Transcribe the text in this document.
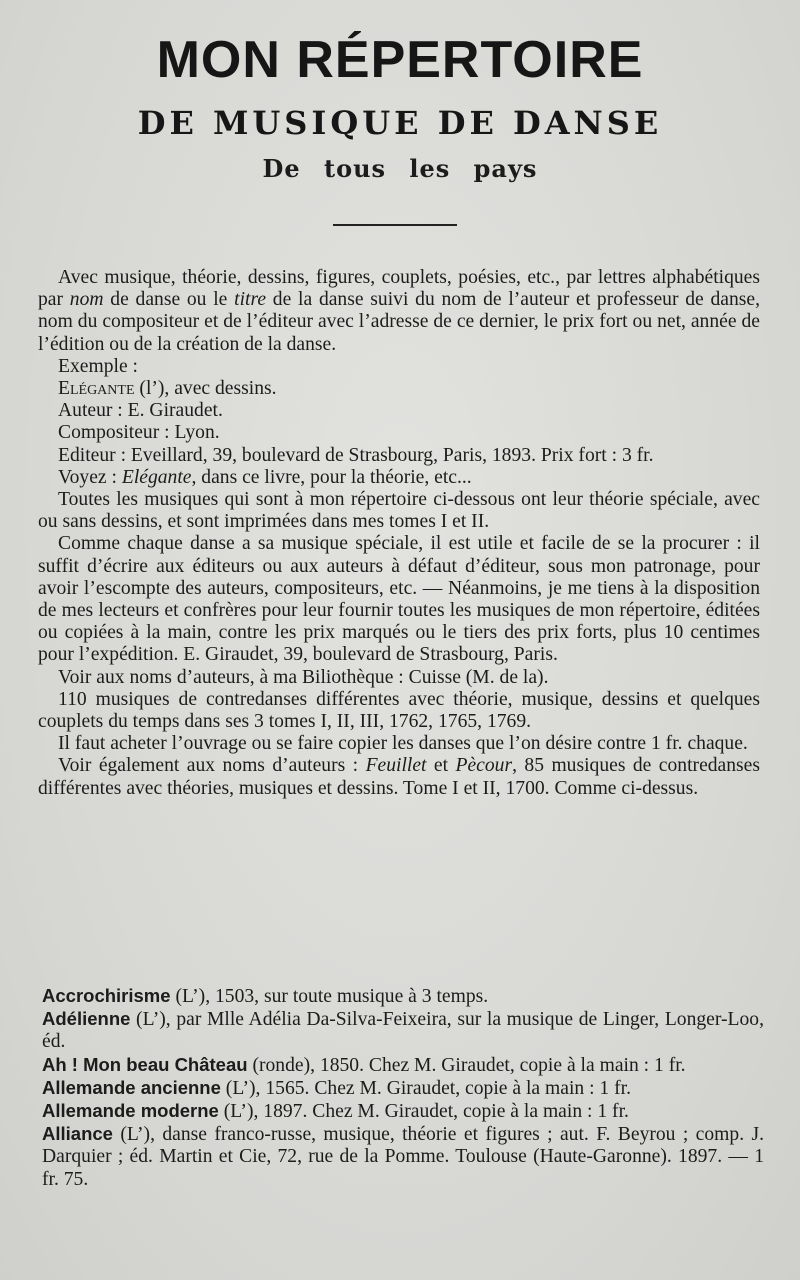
MON RÉPERTOIRE
DE MUSIQUE DE DANSE
De tous les pays

Avec musique, théorie, dessins, figures, couplets, poésies, etc., par lettres alphabétiques par nom de danse ou le titre de la danse suivi du nom de l’auteur et professeur de danse, nom du compositeur et de l’éditeur avec l’adresse de ce dernier, le prix fort ou net, année de l’édition ou de la création de la danse.

Exemple :

Elégante (l’), avec dessins.

Auteur : E. Giraudet.

Compositeur : Lyon.

Editeur : Eveillard, 39, boulevard de Strasbourg, Paris, 1893. Prix fort : 3 fr.

Voyez : Elégante, dans ce livre, pour la théorie, etc...

Toutes les musiques qui sont à mon répertoire ci-dessous ont leur théorie spéciale, avec ou sans dessins, et sont imprimées dans mes tomes I et II.

Comme chaque danse a sa musique spéciale, il est utile et facile de se la procurer : il suffit d’écrire aux éditeurs ou aux auteurs à défaut d’éditeur, sous mon patronage, pour avoir l’escompte des auteurs, compositeurs, etc. — Néanmoins, je me tiens à la disposition de mes lecteurs et confrères pour leur fournir toutes les musiques de mon répertoire, éditées ou copiées à la main, contre les prix marqués ou le tiers des prix forts, plus 10 centimes pour l’expédition. E. Giraudet, 39, boulevard de Strasbourg, Paris.

Voir aux noms d’auteurs, à ma Biliothèque : Cuisse (M. de la).

110 musiques de contredanses différentes avec théorie, musique, dessins et quelques couplets du temps dans ses 3 tomes I, II, III, 1762, 1765, 1769.

Il faut acheter l’ouvrage ou se faire copier les danses que l’on désire contre 1 fr. chaque.

Voir également aux noms d’auteurs : Feuillet et Pècour, 85 musiques de contredanses différentes avec théories, musiques et dessins. Tome I et II, 1700. Comme ci-dessus.

Accrochirisme (L’), 1503, sur toute musique à 3 temps.

Adélienne (L’), par Mlle Adélia Da-Silva-Feixeira, sur la musique de Linger, Longer-Loo, éd.

Ah ! Mon beau Château (ronde), 1850. Chez M. Giraudet, copie à la main : 1 fr.

Allemande ancienne (L’), 1565. Chez M. Giraudet, copie à la main : 1 fr.

Allemande moderne (L’), 1897. Chez M. Giraudet, copie à la main : 1 fr.

Alliance (L’), danse franco-russe, musique, théorie et figures ; aut. F. Beyrou ; comp. J. Darquier ; éd. Martin et Cie, 72, rue de la Pomme. Toulouse (Haute-Garonne). 1897. — 1 fr. 75.
